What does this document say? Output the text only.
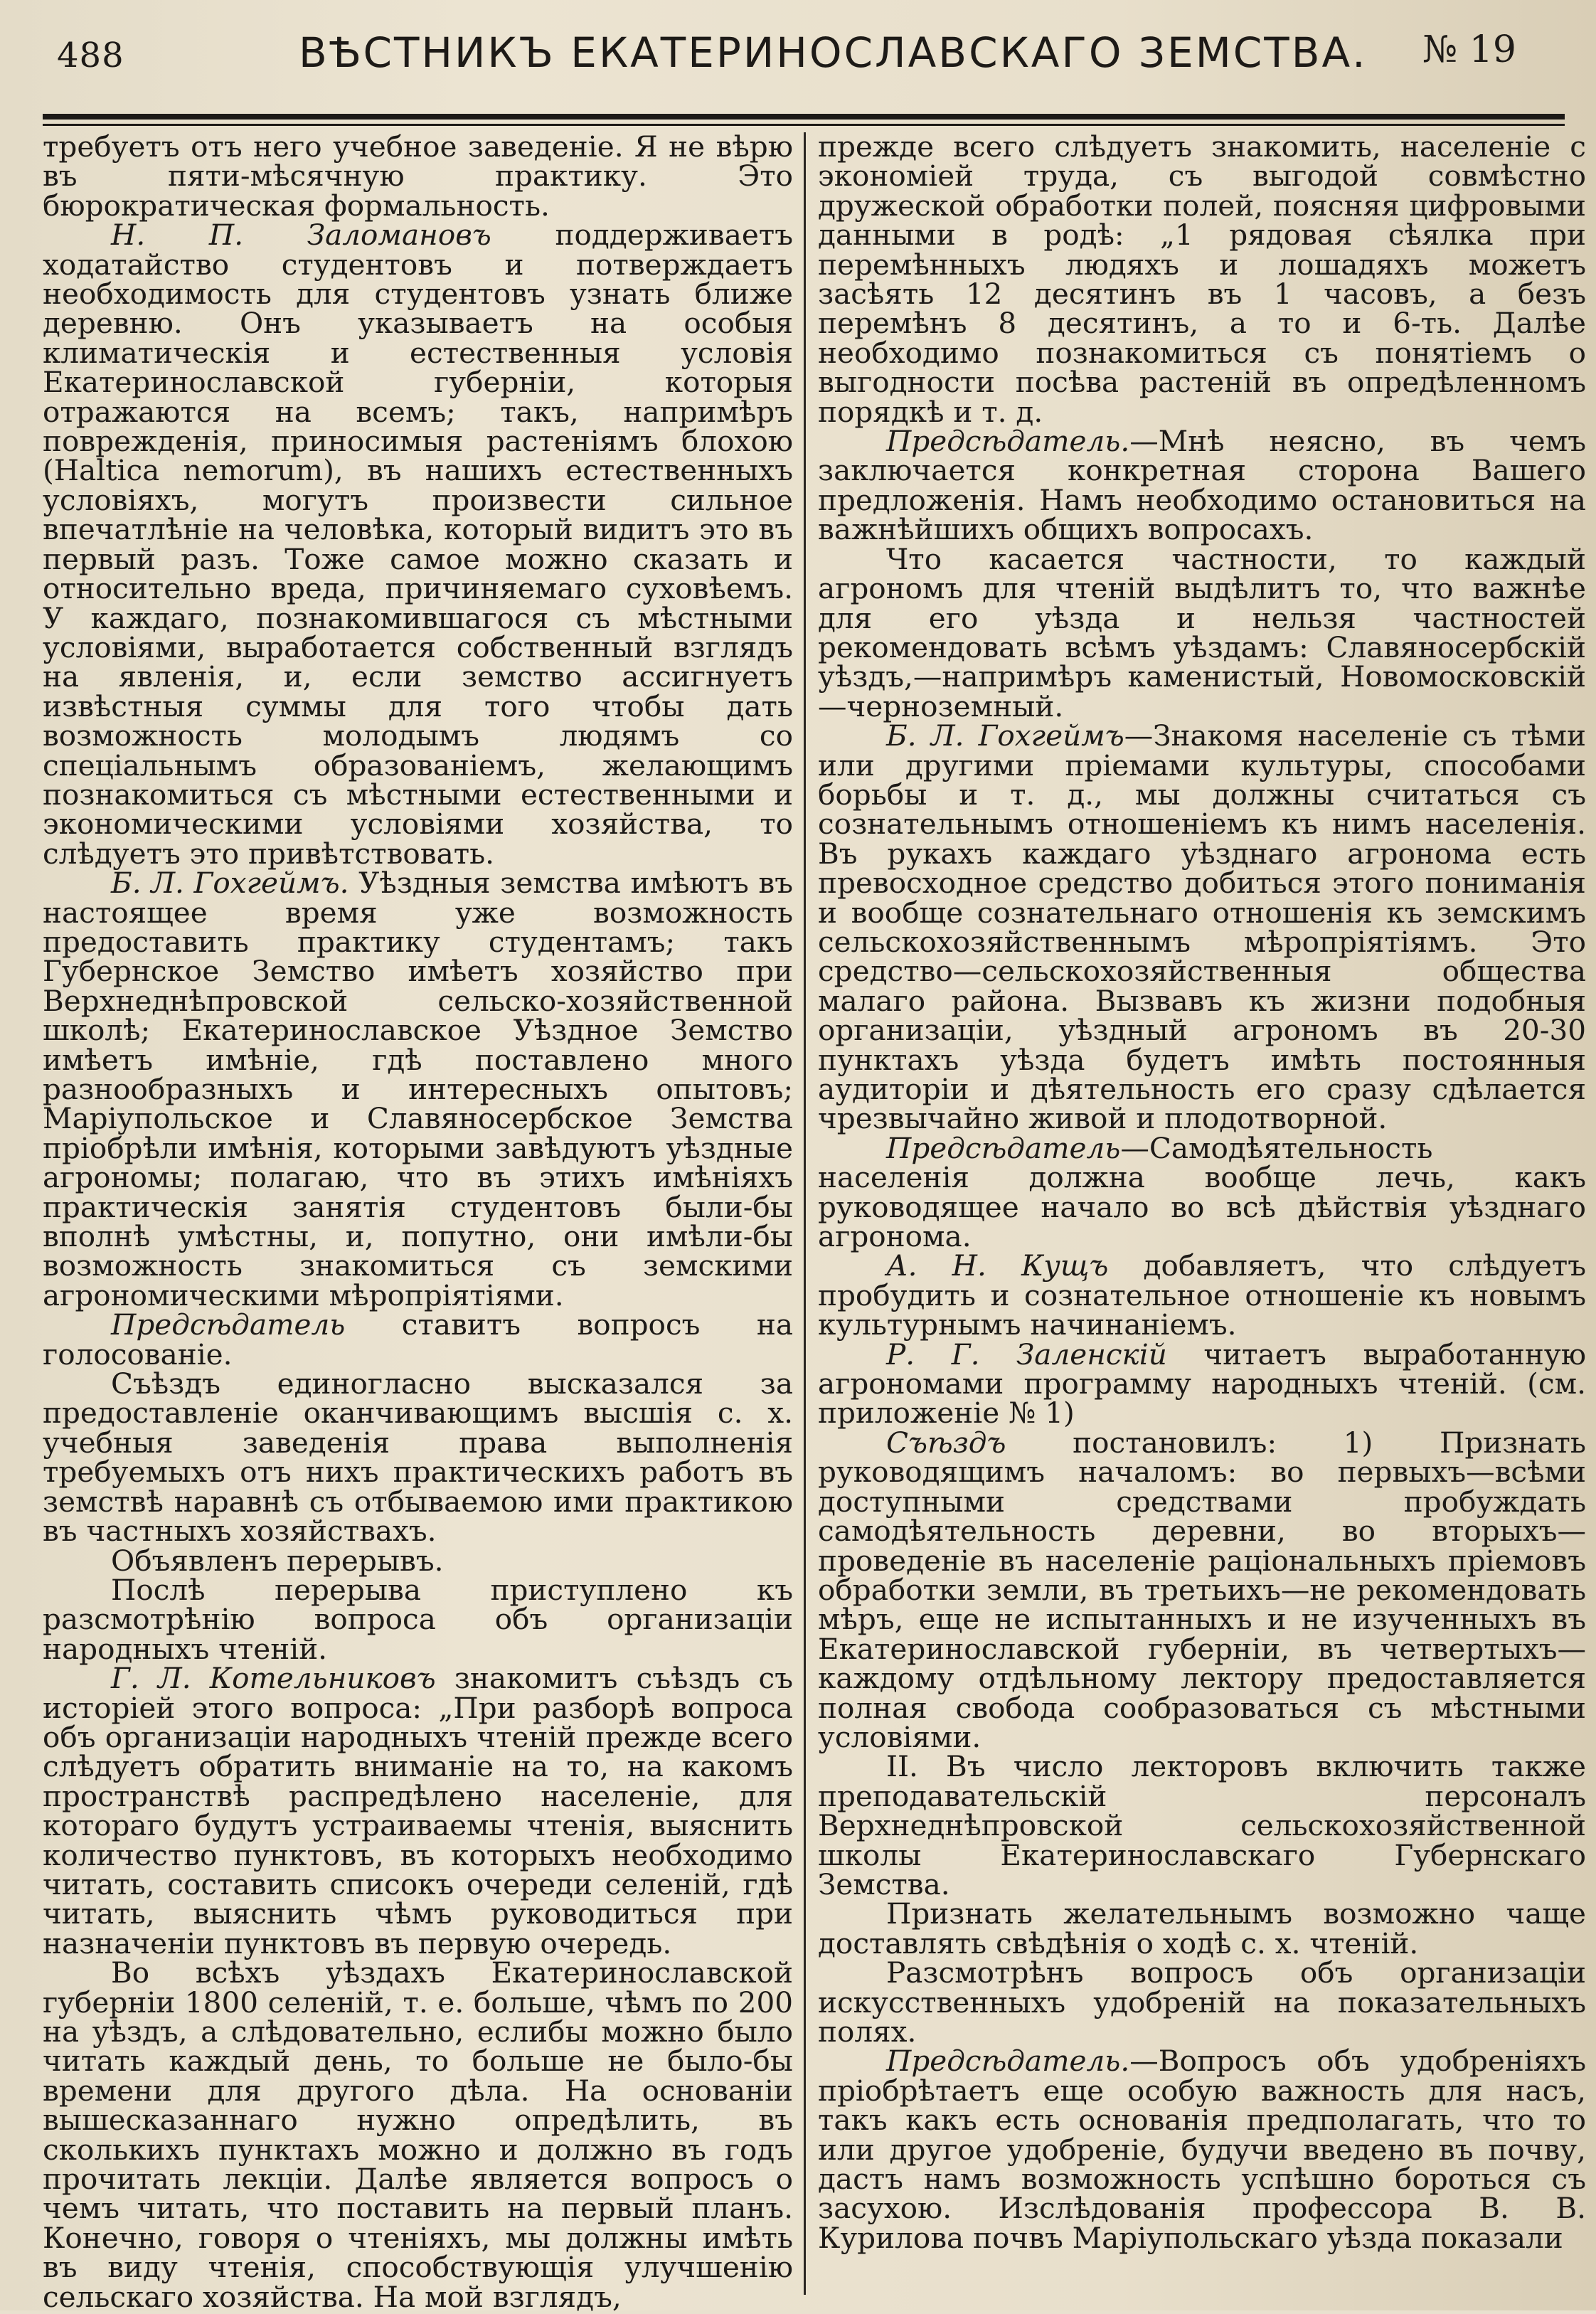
488	ВѢСТНИКЪ ЕКАТЕРИНОСЛАВСКАГО ЗЕМСТВА. № 19

требуетъ отъ него учебное заведеніе. Я не вѣрю въ пяти-мѣсячную практику. Это бюрократическая формальность.

Н. П. Заломановъ поддерживаетъ ходатайство студентовъ и потверждаетъ необходимость для студентовъ узнать ближе деревню. Онъ указываетъ на особыя климатическія и естественныя условія Екатеринославской губерніи, которыя отражаются на всемъ; такъ, напримѣръ поврежденія, приносимыя растеніямъ блохою (Haltica nemorum), въ нашихъ естественныхъ условіяхъ, могутъ произвести сильное впечатлѣніе на человѣка, который видитъ это въ первый разъ. Тоже самое можно сказать и относительно вреда, причиняемаго суховѣемъ. У каждаго, познакомившагося съ мѣстными условіями, выработается собственный взглядъ на явленія, и, если земство ассигнуетъ извѣстныя суммы для того чтобы дать возможность молодымъ людямъ со спеціальнымъ образованіемъ, желающимъ познакомиться съ мѣстными естественными и экономическими условіями хозяйства, то слѣдуетъ это привѣтствовать.

Б. Л. Гохгеймъ. Уѣздныя земства имѣютъ въ настоящее время уже возможность предоставить практику студентамъ; такъ Губернское Земство имѣетъ хозяйство при Верхнеднѣпровской сельско-хозяйственной школѣ; Екатеринославское Уѣздное Земство имѣетъ имѣніе, гдѣ поставлено много разнообразныхъ и интересныхъ опытовъ; Маріупольское и Славяносербское Земства пріобрѣли имѣнія, которыми завѣдуютъ уѣздные агрономы; полагаю, что въ этихъ имѣніяхъ практическія занятія студентовъ были-бы вполнѣ умѣстны, и, попутно, они имѣли-бы возможность знакомиться съ земскими агрономическими мѣропріятіями.

Предсѣдатель ставитъ вопросъ на голосованіе.

Съѣздъ единогласно высказался за предоставленіе оканчивающимъ высшія с. х. учебныя заведенія права выполненія требуемыхъ отъ нихъ практическихъ работъ въ земствѣ наравнѣ съ отбываемою ими практикою въ частныхъ хозяйствахъ.

Объявленъ перерывъ.

Послѣ перерыва приступлено къ разсмотрѣнію вопроса объ организаціи народныхъ чтеній.

Г. Л. Котельниковъ знакомитъ съѣздъ съ исторіей этого вопроса: „При разборѣ вопроса объ организаціи народныхъ чтеній прежде всего слѣдуетъ обратить вниманіе на то, на какомъ пространствѣ распредѣлено населеніе, для котораго будутъ устраиваемы чтенія, выяснить количество пунктовъ, въ которыхъ необходимо читать, составить списокъ очереди селеній, гдѣ читать, выяснить чѣмъ руководиться при назначеніи пунктовъ въ первую очередь.

Во всѣхъ уѣздахъ Екатеринославской губерніи 1800 селеній, т. е. больше, чѣмъ по 200 на уѣздъ, а слѣдовательно, еслибы можно было читать каждый день, то больше не было-бы времени для другого дѣла. На основаніи вышесказаннаго нужно опредѣлить, въ сколькихъ пунктахъ можно и должно въ годъ прочитать лекціи. Далѣе является вопросъ о чемъ читать, что поставить на первый планъ. Конечно, говоря о чтеніяхъ, мы должны имѣть въ виду чтенія, способствующія улучшенію сельскаго хозяйства. На мой взглядъ,

прежде всего слѣдуетъ знакомить, населеніе с экономіей труда, съ выгодой совмѣстно дружеской обработки полей, поясняя цифровыми данными в родѣ: „1 рядовая сѣялка при перемѣнныхъ людяхъ и лошадяхъ можетъ засѣять 12 десятинъ въ 1 часовъ, а безъ перемѣнъ 8 десятинъ, а то и 6-ть. Далѣе необходимо познакомиться съ понятіемъ о выгодности посѣва растеній въ опредѣленномъ порядкѣ и т. д.

Предсѣдатель.—Мнѣ неясно, въ чемъ заключается конкретная сторона Вашего предложенія. Намъ необходимо остановиться на важнѣйшихъ общихъ вопросахъ.

Что касается частности, то каждый агрономъ для чтеній выдѣлитъ то, что важнѣе для его уѣзда и нельзя частностей рекомендовать всѣмъ уѣздамъ: Славяносербскій уѣздъ,—напримѣръ каменистый, Новомосковскій—черноземный.

Б. Л. Гохгеймъ—Знакомя населеніе съ тѣми или другими пріемами культуры, способами борьбы и т. д., мы должны считаться съ сознательнымъ отношеніемъ къ нимъ населенія. Въ рукахъ каждаго уѣзднаго агронома есть превосходное средство добиться этого пониманія и вообще сознательнаго отношенія къ земскимъ сельскохозяйственнымъ мѣропріятіямъ. Это средство—сельскохозяйственныя общества малаго района. Вызвавъ къ жизни подобныя организаціи, уѣздный агрономъ въ 20-30 пунктахъ уѣзда будетъ имѣть постоянныя аудиторіи и дѣятельность его сразу сдѣлается чрезвычайно живой и плодотворной.

Предсѣдатель—Самодѣятельность населенія должна вообще лечь, какъ руководящее начало во всѣ дѣйствія уѣзднаго агронома.

А. Н. Кущъ добавляетъ, что слѣдуетъ пробудить и сознательное отношеніе къ новымъ культурнымъ начинаніемъ.

Р. Г. Заленскій читаетъ выработанную агрономами программу народныхъ чтеній. (см. приложеніе № 1)

Съѣздъ постановилъ: 1) Признать руководящимъ началомъ: во первыхъ—всѣми доступными средствами пробуждать самодѣятельность деревни, во вторыхъ—проведеніе въ населеніе раціональныхъ пріемовъ обработки земли, въ третьихъ—не рекомендовать мѣръ, еще не испытанныхъ и не изученныхъ въ Екатеринославской губерніи, въ четвертыхъ—каждому отдѣльному лектору предоставляется полная свобода сообразоваться съ мѣстными условіями.

II. Въ число лекторовъ включить также преподавательскій персоналъ Верхнеднѣпровской сельскохозяйственной школы Екатеринославскаго Губернскаго Земства.

Признать желательнымъ возможно чаще доставлять свѣдѣнія о ходѣ с. х. чтеній.

Разсмотрѣнъ вопросъ объ организаціи искусственныхъ удобреній на показательныхъ полях.

Предсѣдатель.—Вопросъ объ удобреніяхъ пріобрѣтаетъ еще особую важность для насъ, такъ какъ есть основанія предполагать, что то или другое удобреніе, будучи введено въ почву, дастъ намъ возможность успѣшно бороться съ засухою. Изслѣдованія профессора В. В. Курилова почвъ Маріупольскаго уѣзда показали
